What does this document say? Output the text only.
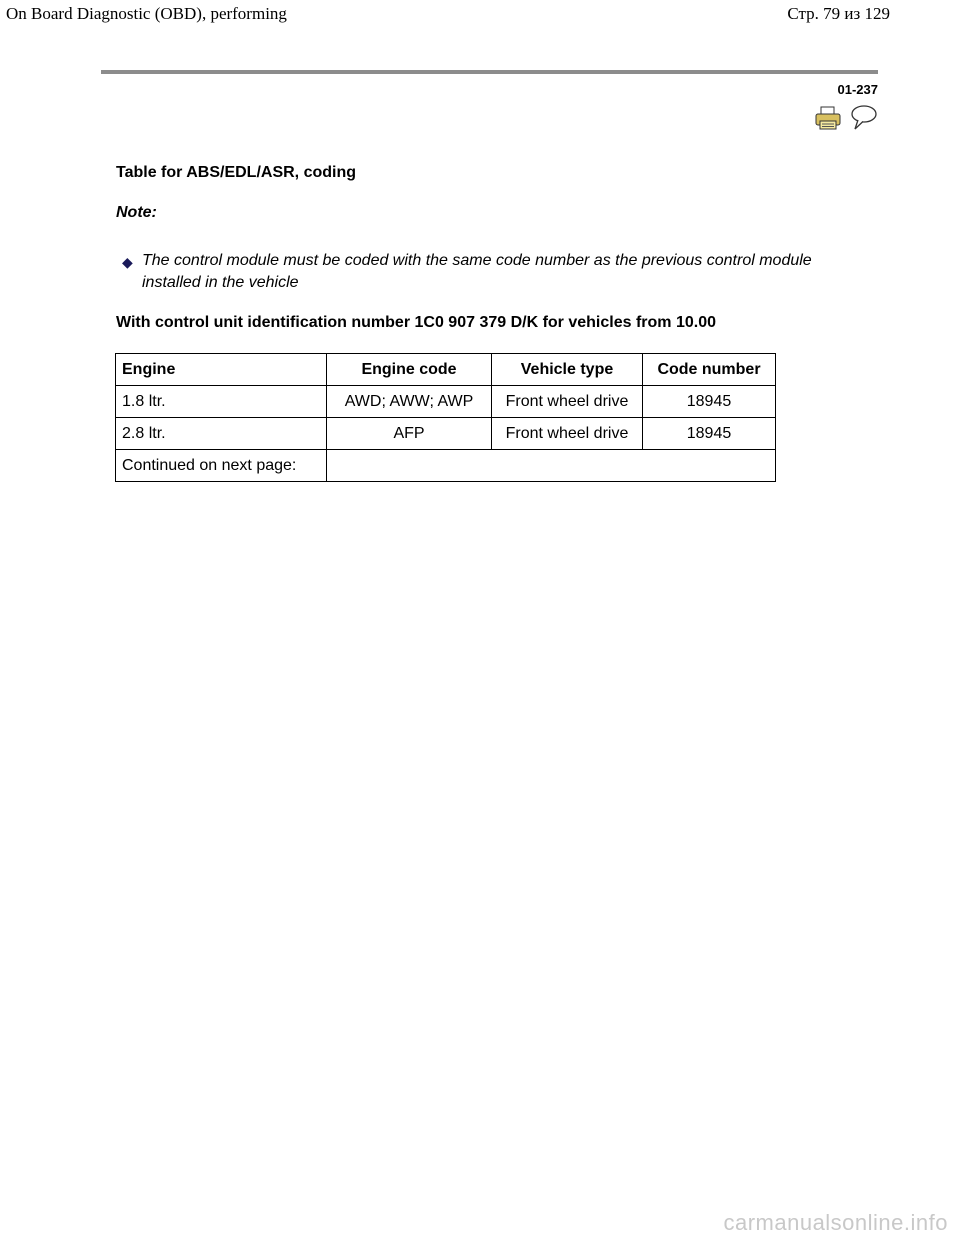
On Board Diagnostic (OBD), performing	Стр. 79 из 129
01-237
Table for ABS/EDL/ASR, coding
Note:
◆ The control module must be coded with the same code number as the previous control module installed in the vehicle
With control unit identification number 1C0 907 379 D/K for vehicles from 10.00
Engine	Engine code	Vehicle type	Code number
1.8 ltr.	AWD; AWW; AWP	Front wheel drive	18945
2.8 ltr.	AFP	Front wheel drive	18945
Continued on next page:			
carmanualsonline.info
